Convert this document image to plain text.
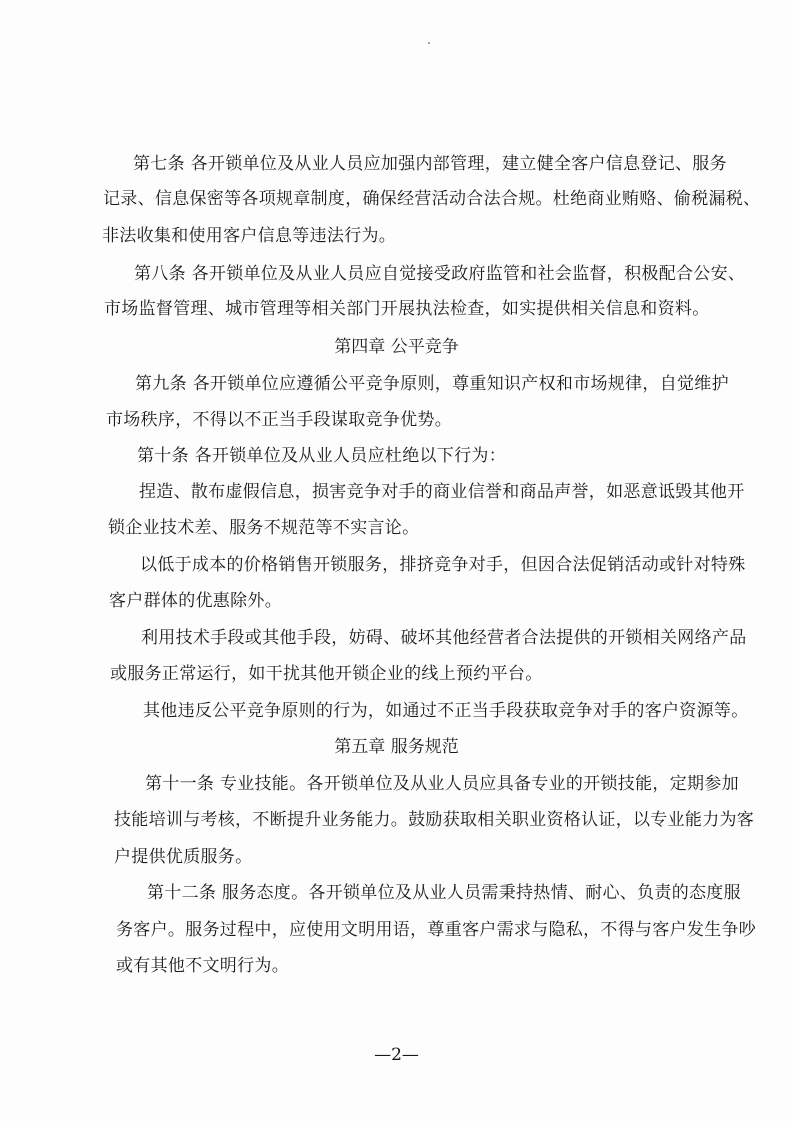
第七条 各开锁单位及从业人员应加强内部管理，建立健全客户信息登记、服务
记录、信息保密等各项规章制度，确保经营活动合法合规。杜绝商业贿赂、偷税漏税、
非法收集和使用客户信息等违法行为。
第八条 各开锁单位及从业人员应自觉接受政府监管和社会监督，积极配合公安、
市场监督管理、城市管理等相关部门开展执法检查，如实提供相关信息和资料。
第四章 公平竞争
第九条 各开锁单位应遵循公平竞争原则，尊重知识产权和市场规律，自觉维护
市场秩序，不得以不正当手段谋取竞争优势。
第十条 各开锁单位及从业人员应杜绝以下行为：
捏造、散布虚假信息，损害竞争对手的商业信誉和商品声誉，如恶意诋毁其他开
锁企业技术差、服务不规范等不实言论。
以低于成本的价格销售开锁服务，排挤竞争对手，但因合法促销活动或针对特殊
客户群体的优惠除外。
利用技术手段或其他手段，妨碍、破坏其他经营者合法提供的开锁相关网络产品
或服务正常运行，如干扰其他开锁企业的线上预约平台。
其他违反公平竞争原则的行为，如通过不正当手段获取竞争对手的客户资源等。
第五章 服务规范
第十一条 专业技能。各开锁单位及从业人员应具备专业的开锁技能，定期参加
技能培训与考核，不断提升业务能力。鼓励获取相关职业资格认证，以专业能力为客
户提供优质服务。
第十二条 服务态度。各开锁单位及从业人员需秉持热情、耐心、负责的态度服
务客户。服务过程中，应使用文明用语，尊重客户需求与隐私，不得与客户发生争吵
或有其他不文明行为。
—2—
